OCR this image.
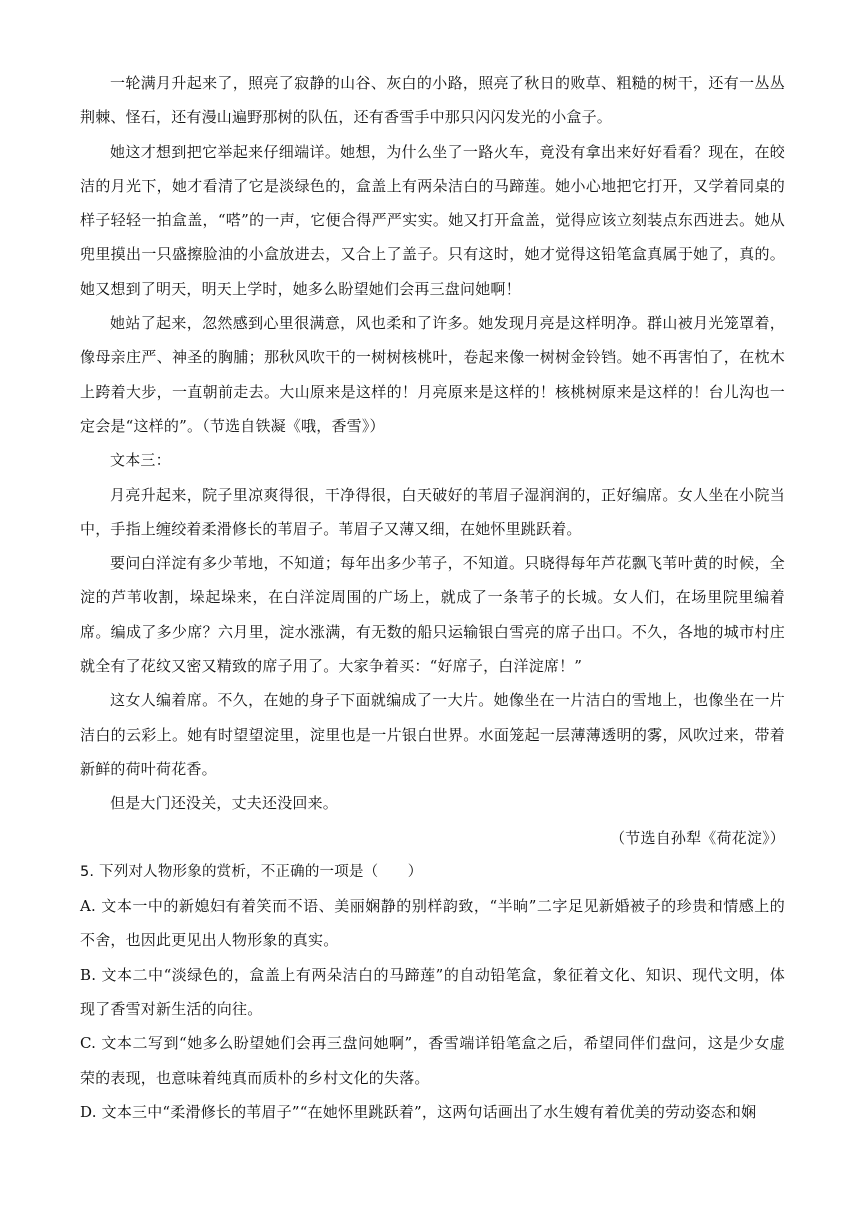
一轮满月升起来了，照亮了寂静的山谷、灰白的小路，照亮了秋日的败草、粗糙的树干，还有一丛丛荆棘、怪石，还有漫山遍野那树的队伍，还有香雪手中那只闪闪发光的小盒子。

她这才想到把它举起来仔细端详。她想，为什么坐了一路火车，竟没有拿出来好好看看？现在，在皎洁的月光下，她才看清了它是淡绿色的，盒盖上有两朵洁白的马蹄莲。她小心地把它打开，又学着同桌的样子轻轻一拍盒盖，“嗒”的一声，它便合得严严实实。她又打开盒盖，觉得应该立刻装点东西进去。她从兜里摸出一只盛擦脸油的小盒放进去，又合上了盖子。只有这时，她才觉得这铅笔盒真属于她了，真的。她又想到了明天，明天上学时，她多么盼望她们会再三盘问她啊！

她站了起来，忽然感到心里很满意，风也柔和了许多。她发现月亮是这样明净。群山被月光笼罩着，像母亲庄严、神圣的胸脯；那秋风吹干的一树树核桃叶，卷起来像一树树金铃铛。她不再害怕了，在枕木上跨着大步，一直朝前走去。大山原来是这样的！月亮原来是这样的！核桃树原来是这样的！台儿沟也一定会是“这样的”。（节选自铁凝《哦，香雪》）

文本三：

月亮升起来，院子里凉爽得很，干净得很，白天破好的苇眉子湿润润的，正好编席。女人坐在小院当中，手指上缠绞着柔滑修长的苇眉子。苇眉子又薄又细，在她怀里跳跃着。

要问白洋淀有多少苇地，不知道；每年出多少苇子，不知道。只晓得每年芦花飘飞苇叶黄的时候，全淀的芦苇收割，垛起垛来，在白洋淀周围的广场上，就成了一条苇子的长城。女人们，在场里院里编着席。编成了多少席？六月里，淀水涨满，有无数的船只运输银白雪亮的席子出口。不久，各地的城市村庄就全有了花纹又密又精致的席子用了。大家争着买：“好席子，白洋淀席！”

这女人编着席。不久，在她的身子下面就编成了一大片。她像坐在一片洁白的雪地上，也像坐在一片洁白的云彩上。她有时望望淀里，淀里也是一片银白世界。水面笼起一层薄薄透明的雾，风吹过来，带着新鲜的荷叶荷花香。

但是大门还没关，丈夫还没回来。

（节选自孙犁《荷花淀》）

5. 下列对人物形象的赏析，不正确的一项是（　　）

A. 文本一中的新媳妇有着笑而不语、美丽娴静的别样韵致，“半晌”二字足见新婚被子的珍贵和情感上的不舍，也因此更见出人物形象的真实。

B. 文本二中“淡绿色的，盒盖上有两朵洁白的马蹄莲”的自动铅笔盒，象征着文化、知识、现代文明，体现了香雪对新生活的向往。

C. 文本二写到“她多么盼望她们会再三盘问她啊”，香雪端详铅笔盒之后，希望同伴们盘问，这是少女虚荣的表现，也意味着纯真而质朴的乡村文化的失落。

D. 文本三中“柔滑修长的苇眉子”“在她怀里跳跃着”，这两句话画出了水生嫂有着优美的劳动姿态和娴
